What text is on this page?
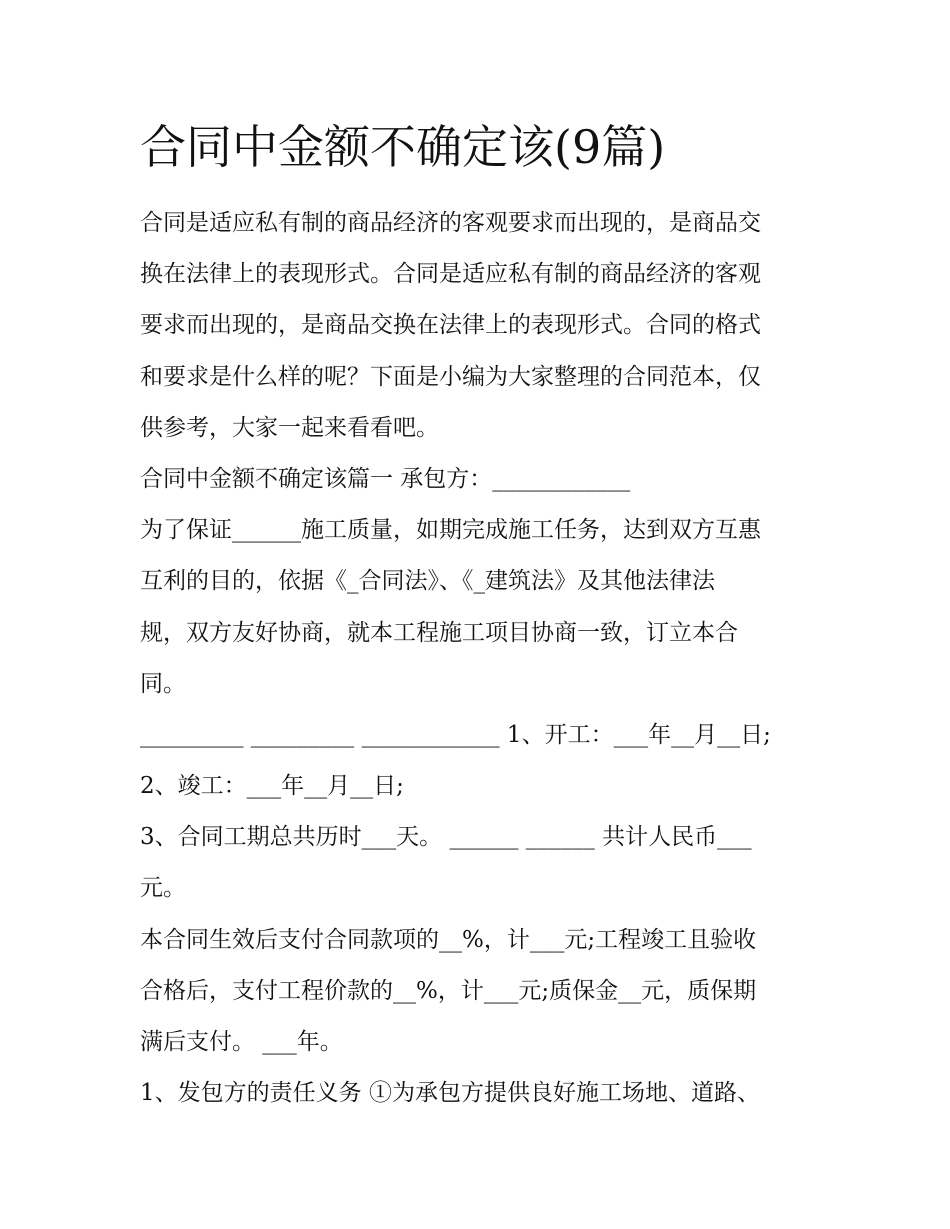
合同中金额不确定该(9篇)
合同是适应私有制的商品经济的客观要求而出现的，是商品交
换在法律上的表现形式。合同是适应私有制的商品经济的客观
要求而出现的，是商品交换在法律上的表现形式。合同的格式
和要求是什么样的呢？下面是小编为大家整理的合同范本，仅
供参考，大家一起来看看吧。
合同中金额不确定该篇一 承包方：____________
为了保证______施工质量，如期完成施工任务，达到双方互惠
互利的目的，依据《_合同法》、《_建筑法》及其他法律法
规，双方友好协商，就本工程施工项目协商一致，订立本合
同。
_________ _________ ____________ 1、开工：___年__月__日;
2、竣工：___年__月__日;
3、合同工期总共历时___天。 ______ ______ 共计人民币___
元。
本合同生效后支付合同款项的__%，计___元;工程竣工且验收
合格后，支付工程价款的__%，计___元;质保金__元，质保期
满后支付。 ___年。
1、发包方的责任义务 ①为承包方提供良好施工场地、道路、
